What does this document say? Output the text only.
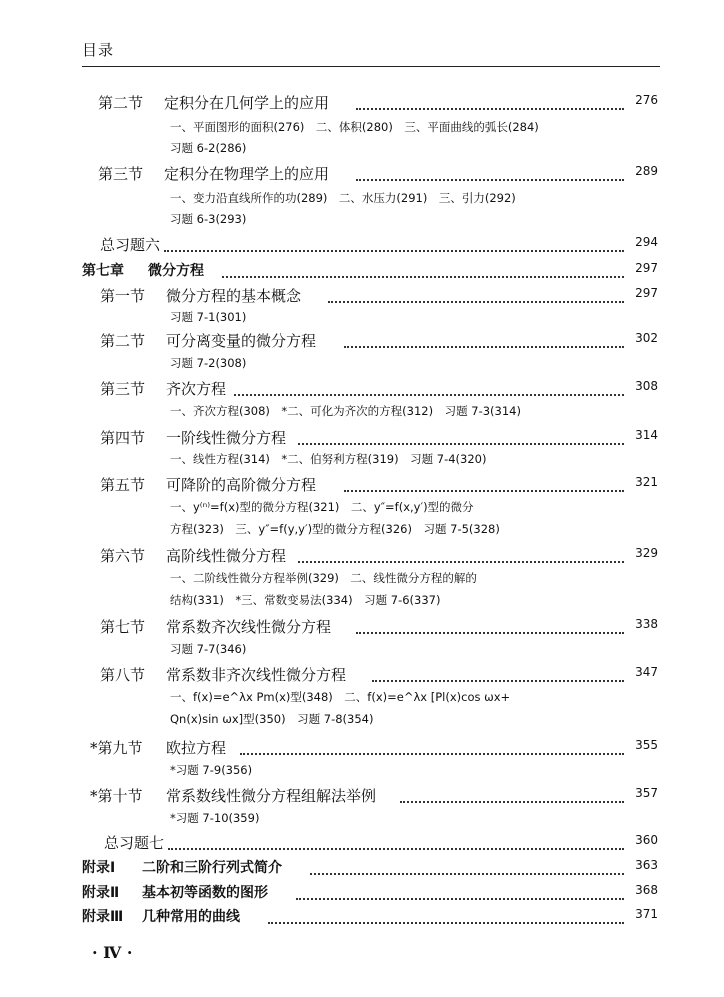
目录
第二节 定积分在几何学上的应用	276
一、平面图形的面积(276)　二、体积(280)　三、平面曲线的弧长(284)
习题 6-2(286)
第三节 定积分在物理学上的应用	289
一、变力沿直线所作的功(289)　二、水压力(291)　三、引力(292)
习题 6-3(293)
总习题六	294
第七章 微分方程	297
第一节 微分方程的基本概念	297
习题 7-1(301)
第二节 可分离变量的微分方程	302
习题 7-2(308)
第三节 齐次方程	308
一、齐次方程(308)　*二、可化为齐次的方程(312)　习题 7-3(314)
第四节 一阶线性微分方程	314
一、线性方程(314)　*二、伯努利方程(319)　习题 7-4(320)
第五节 可降阶的高阶微分方程	321
一、y⁽ⁿ⁾=f(x)型的微分方程(321)　二、y″=f(x,y′)型的微分
方程(323)　三、y″=f(y,y′)型的微分方程(326)　习题 7-5(328)
第六节 高阶线性微分方程	329
一、二阶线性微分方程举例(329)　二、线性微分方程的解的
结构(331)　*三、常数变易法(334)　习题 7-6(337)
第七节 常系数齐次线性微分方程	338
习题 7-7(346)
第八节 常系数非齐次线性微分方程	347
一、f(x)=e^λx Pm(x)型(348)　二、f(x)=e^λx [Pl(x)cos ωx+
Qn(x)sin ωx]型(350)　习题 7-8(354)
*第九节 欧拉方程	355
*习题 7-9(356)
*第十节 常系数线性微分方程组解法举例	357
*习题 7-10(359)
总习题七	360
附录Ⅰ 二阶和三阶行列式简介	363
附录Ⅱ 基本初等函数的图形	368
附录Ⅲ 几种常用的曲线	371
· Ⅳ ·
